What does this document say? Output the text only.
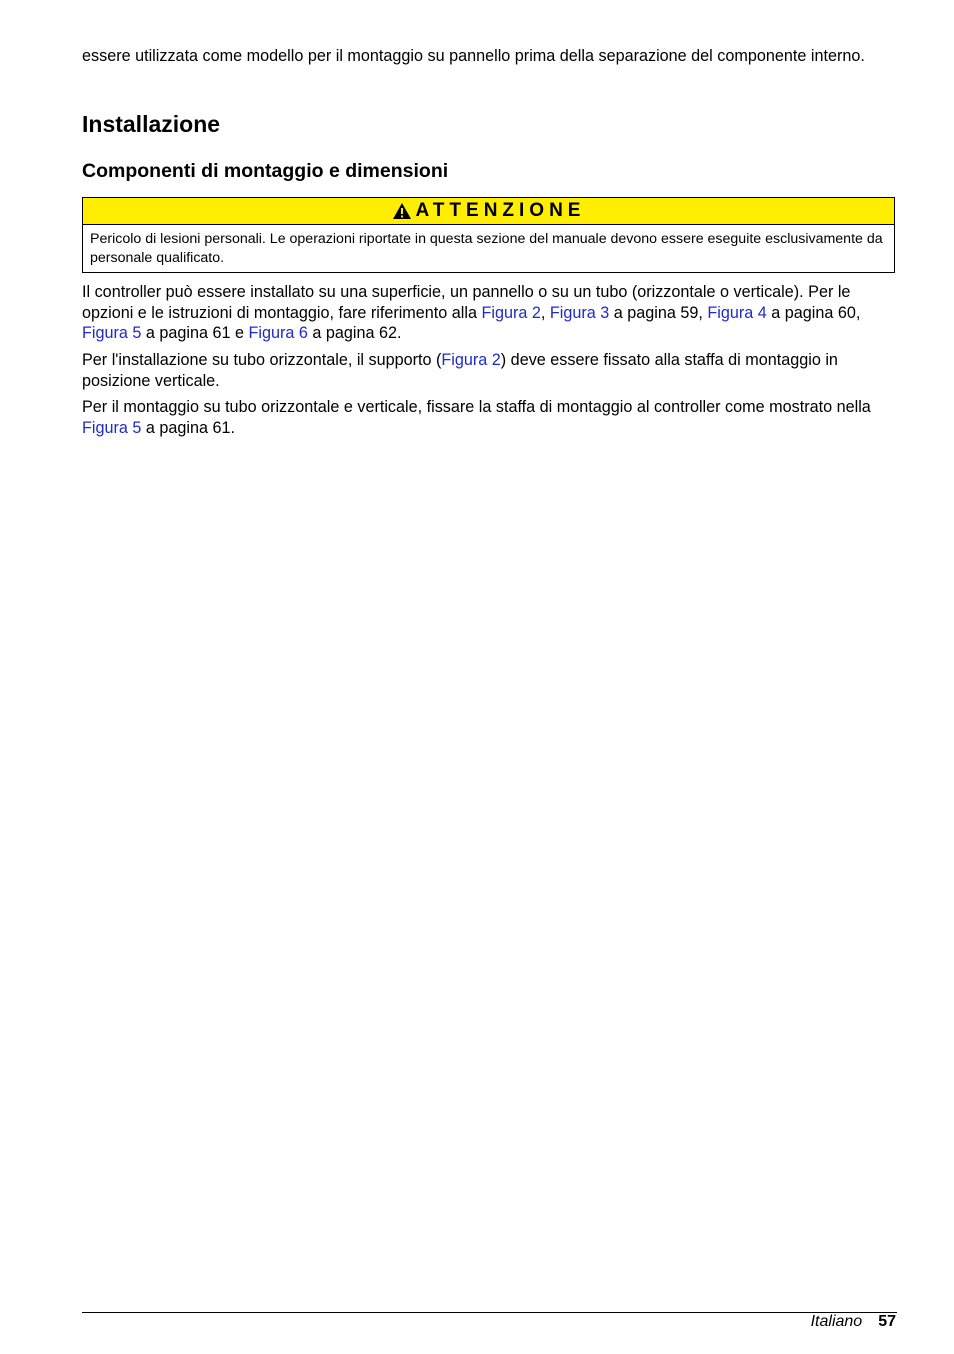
essere utilizzata come modello per il montaggio su pannello prima della separazione del componente interno.

Installazione
Componenti di montaggio e dimensioni
ATTENZIONE
Pericolo di lesioni personali. Le operazioni riportate in questa sezione del manuale devono essere eseguite esclusivamente da personale qualificato.

Il controller può essere installato su una superficie, un pannello o su un tubo (orizzontale o verticale). Per le opzioni e le istruzioni di montaggio, fare riferimento alla Figura 2, Figura 3 a pagina 59, Figura 4 a pagina 60, Figura 5 a pagina 61 e Figura 6 a pagina 62.

Per l'installazione su tubo orizzontale, il supporto (Figura 2) deve essere fissato alla staffa di montaggio in posizione verticale.

Per il montaggio su tubo orizzontale e verticale, fissare la staffa di montaggio al controller come mostrato nella Figura 5 a pagina 61.

Italiano 57
